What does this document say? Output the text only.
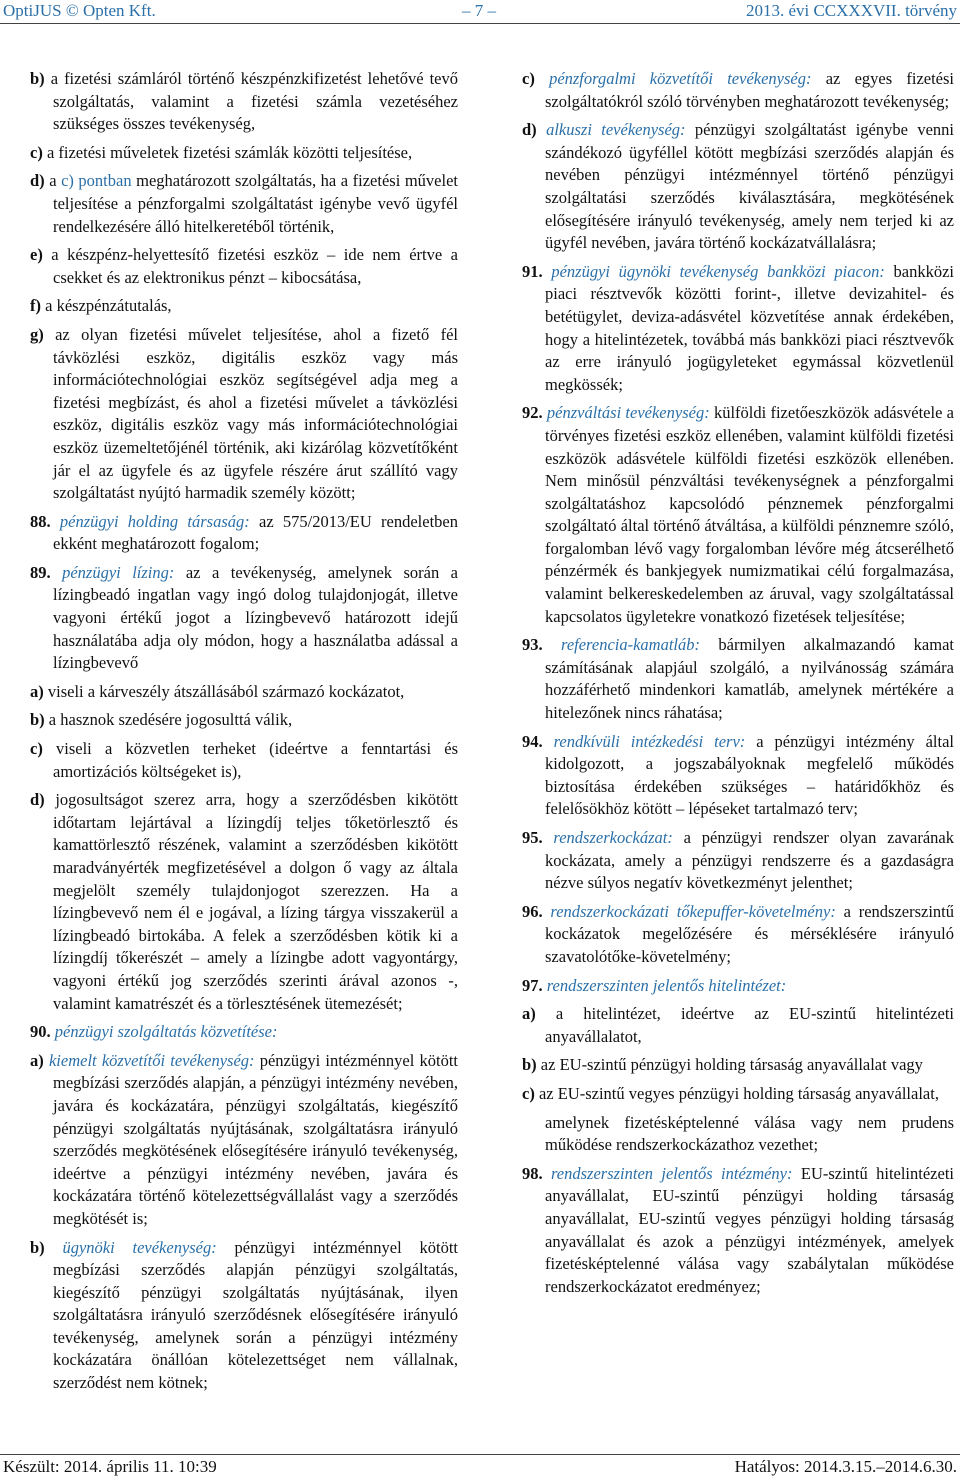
OptiJUS © Opten Kft.	– 7 –	2013. évi CCXXXVII. törvény

b) a fizetési számláról történő készpénzkifizetést lehetővé tevő szolgáltatás, valamint a fizetési számla vezetéséhez szükséges összes tevékenység,

c) a fizetési műveletek fizetési számlák közötti teljesítése,

d) a c) pontban meghatározott szolgáltatás, ha a fizetési művelet teljesítése a pénzforgalmi szolgáltatást igénybe vevő ügyfél rendelkezésére álló hitelkeretéből történik,

e) a készpénz-helyettesítő fizetési eszköz – ide nem értve a csekket és az elektronikus pénzt – kibocsátása,

f) a készpénzátutalás,

g) az olyan fizetési művelet teljesítése, ahol a fizető fél távközlési eszköz, digitális eszköz vagy más információtechnológiai eszköz segítségével adja meg a fizetési megbízást, és ahol a fizetési művelet a távközlési eszköz, digitális eszköz vagy más információtechnológiai eszköz üzemeltetőjénél történik, aki kizárólag közvetítőként jár el az ügyfele és az ügyfele részére árut szállító vagy szolgáltatást nyújtó harmadik személy között;

88. pénzügyi holding társaság: az 575/2013/EU rendeletben ekként meghatározott fogalom;

89. pénzügyi lízing: az a tevékenység, amelynek során a lízingbeadó ingatlan vagy ingó dolog tulajdonjogát, illetve vagyoni értékű jogot a lízingbevevő határozott idejű használatába adja oly módon, hogy a használatba adással a lízingbevevő

a) viseli a kárveszély átszállásából származó kockázatot,

b) a hasznok szedésére jogosulttá válik,

c) viseli a közvetlen terheket (ideértve a fenntartási és amortizációs költségeket is),

d) jogosultságot szerez arra, hogy a szerződésben kikötött időtartam lejártával a lízingdíj teljes tőketörlesztő és kamattörlesztő részének, valamint a szerződésben kikötött maradványérték megfizetésével a dolgon ő vagy az általa megjelölt személy tulajdonjogot szerezzen. Ha a lízingbevevő nem él e jogával, a lízing tárgya visszakerül a lízingbeadó birtokába. A felek a szerződésben kötik ki a lízingdíj tőkerészét – amely a lízingbe adott vagyontárgy, vagyoni értékű jog szerződés szerinti árával azonos -, valamint kamatrészét és a törlesztésének ütemezését;

90. pénzügyi szolgáltatás közvetítése:

a) kiemelt közvetítői tevékenység: pénzügyi intézménnyel kötött megbízási szerződés alapján, a pénzügyi intézmény nevében, javára és kockázatára, pénzügyi szolgáltatás, kiegészítő pénzügyi szolgáltatás nyújtásának, szolgáltatásra irányuló szerződés megkötésének elősegítésére irányuló tevékenység, ideértve a pénzügyi intézmény nevében, javára és kockázatára történő kötelezettségvállalást vagy a szerződés megkötését is;

b) ügynöki tevékenység: pénzügyi intézménnyel kötött megbízási szerződés alapján pénzügyi szolgáltatás, kiegészítő pénzügyi szolgáltatás nyújtásának, ilyen szolgáltatásra irányuló szerződésnek elősegítésére irányuló tevékenység, amelynek során a pénzügyi intézmény kockázatára önállóan kötelezettséget nem vállalnak, szerződést nem kötnek;

c) pénzforgalmi közvetítői tevékenység: az egyes fizetési szolgáltatókról szóló törvényben meghatározott tevékenység;

d) alkuszi tevékenység: pénzügyi szolgáltatást igénybe venni szándékozó ügyféllel kötött megbízási szerződés alapján és nevében pénzügyi intézménnyel történő pénzügyi szolgáltatási szerződés kiválasztására, megkötésének elősegítésére irányuló tevékenység, amely nem terjed ki az ügyfél nevében, javára történő kockázatvállalásra;

91. pénzügyi ügynöki tevékenység bankközi piacon: bankközi piaci résztvevők közötti forint-, illetve devizahitel- és betétügylet, deviza-adásvétel közvetítése annak érdekében, hogy a hitelintézetek, továbbá más bankközi piaci résztvevők az erre irányuló jogügyleteket egymással közvetlenül megkössék;

92. pénzváltási tevékenység: külföldi fizetőeszközök adásvétele a törvényes fizetési eszköz ellenében, valamint külföldi fizetési eszközök adásvétele külföldi fizetési eszközök ellenében. Nem minősül pénzváltási tevékenységnek a pénzforgalmi szolgáltatáshoz kapcsolódó pénznemek pénzforgalmi szolgáltató által történő átváltása, a külföldi pénznemre szóló, forgalomban lévő vagy forgalomban lévőre még átcserélhető pénzérmék és bankjegyek numizmatikai célú forgalmazása, valamint belkereskedelemben az áruval, vagy szolgáltatással kapcsolatos ügyletekre vonatkozó fizetések teljesítése;

93. referencia-kamatláb: bármilyen alkalmazandó kamat számításának alapjául szolgáló, a nyilvánosság számára hozzáférhető mindenkori kamatláb, amelynek mértékére a hitelezőnek nincs ráhatása;

94. rendkívüli intézkedési terv: a pénzügyi intézmény által kidolgozott, a jogszabályoknak megfelelő működés biztosítása érdekében szükséges – határidőkhöz és felelősökhöz kötött – lépéseket tartalmazó terv;

95. rendszerkockázat: a pénzügyi rendszer olyan zavarának kockázata, amely a pénzügyi rendszerre és a gazdaságra nézve súlyos negatív következményt jelenthet;

96. rendszerkockázati tőkepuffer-követelmény: a rendszerszintű kockázatok megelőzésére és mérséklésére irányuló szavatolótőke-követelmény;

97. rendszerszinten jelentős hitelintézet:

a) a hitelintézet, ideértve az EU-szintű hitelintézeti anyavállalatot,

b) az EU-szintű pénzügyi holding társaság anyavállalat vagy

c) az EU-szintű vegyes pénzügyi holding társaság anyavállalat,

amelynek fizetésképtelenné válása vagy nem prudens működése rendszerkockázathoz vezethet;

98. rendszerszinten jelentős intézmény: EU-szintű hitelintézeti anyavállalat, EU-szintű pénzügyi holding társaság anyavállalat, EU-szintű vegyes pénzügyi holding társaság anyavállalat és azok a pénzügyi intézmények, amelyek fizetésképtelenné válása vagy szabálytalan működése rendszerkockázatot eredményez;

Készült: 2014. április 11. 10:39	Hatályos: 2014.3.15.–2014.6.30.
